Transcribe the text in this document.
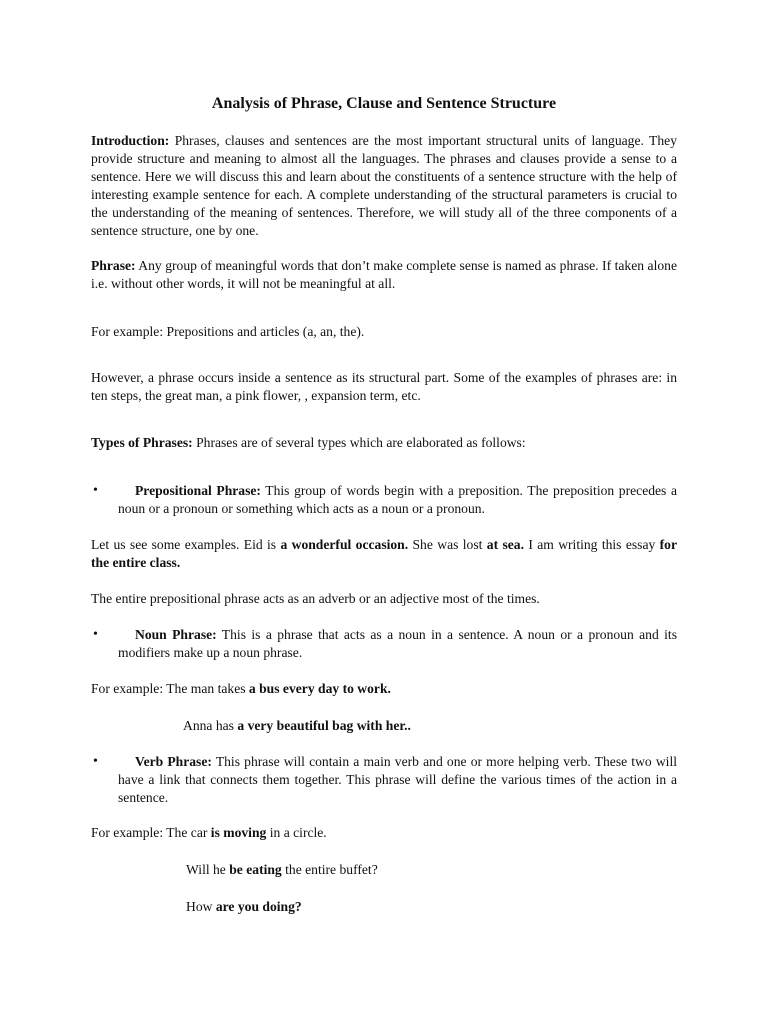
Analysis of Phrase, Clause and Sentence Structure
Introduction: Phrases, clauses and sentences are the most important structural units of language. They provide structure and meaning to almost all the languages. The phrases and clauses provide a sense to a sentence. Here we will discuss this and learn about the constituents of a sentence structure with the help of interesting example sentence for each. A complete understanding of the structural parameters is crucial to the understanding of the meaning of sentences. Therefore, we will study all of the three components of a sentence structure, one by one.
Phrase: Any group of meaningful words that don’t make complete sense is named as phrase. If taken alone i.e. without other words, it will not be meaningful at all.
For example: Prepositions and articles (a, an, the).
However, a phrase occurs inside a sentence as its structural part. Some of the examples of phrases are: in ten steps, the great man, a pink flower, , expansion term, etc.
Types of Phrases: Phrases are of several types which are elaborated as follows:
•	Prepositional Phrase: This group of words begin with a preposition. The preposition precedes a noun or a pronoun or something which acts as a noun or a pronoun.
Let us see some examples. Eid is a wonderful occasion. She was lost at sea. I am writing this essay for the entire class.
The entire prepositional phrase acts as an adverb or an adjective most of the times.
•	Noun Phrase: This is a phrase that acts as a noun in a sentence. A noun or a pronoun and its modifiers make up a noun phrase.
For example: The man takes a bus every day to work.
Anna has a very beautiful bag with her..
•	Verb Phrase: This phrase will contain a main verb and one or more helping verb. These two will have a link that connects them together. This phrase will define the various times of the action in a sentence.
For example: The car is moving in a circle.
Will he be eating the entire buffet?
How are you doing?
